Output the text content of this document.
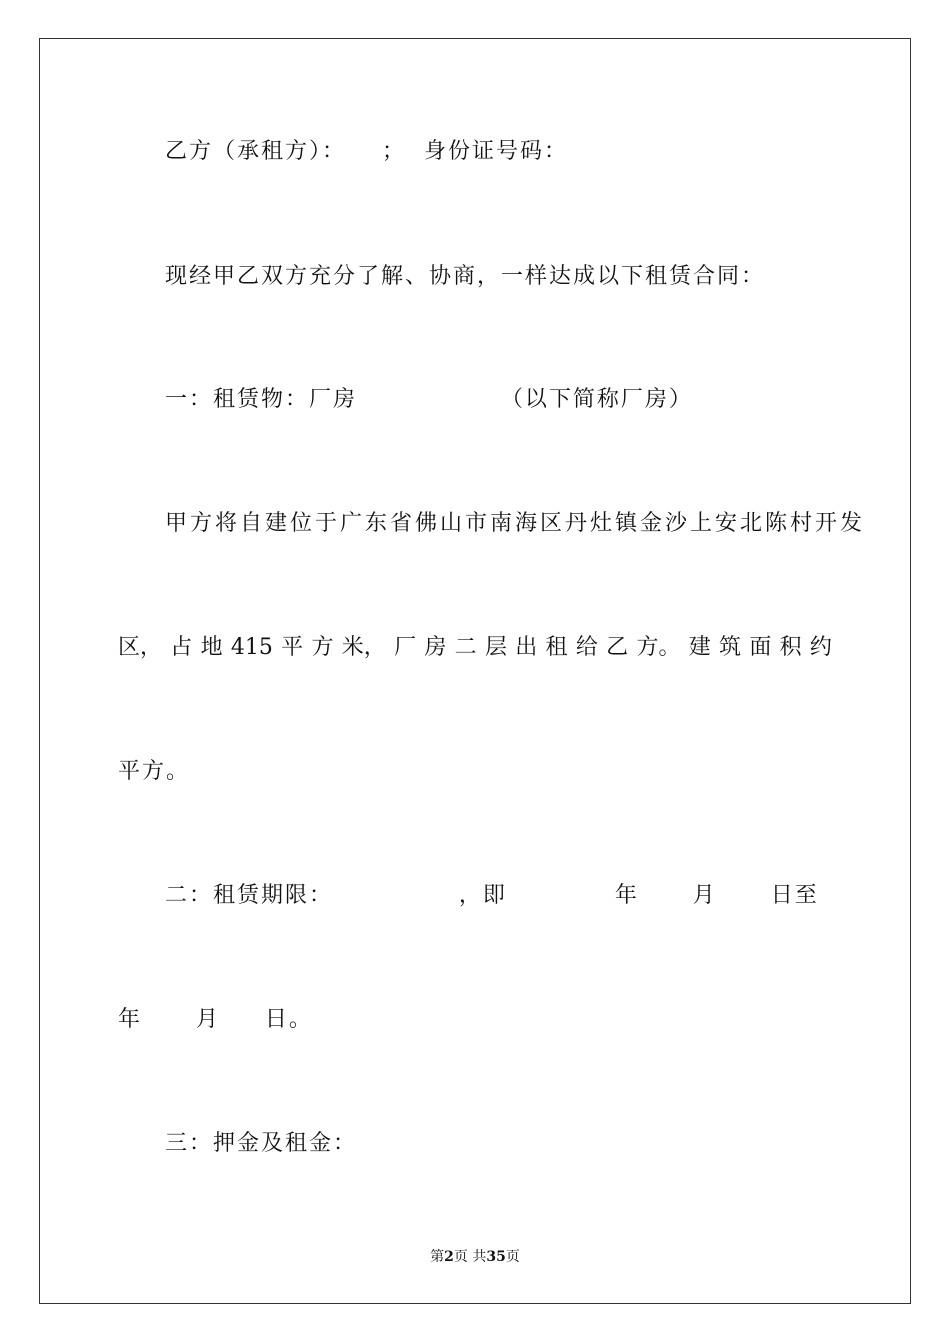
乙方（承租方）：    ；  身份证号码：
现经甲乙双方充分了解、协商，一样达成以下租赁合同：
一：租赁物：厂房                （以下简称厂房）
甲方将自建位于广东省佛山市南海区丹灶镇金沙上安北陈村开发
区， 占 地 415 平 方 米， 厂 房 二 层 出 租 给 乙 方。 建 筑 面 积 约
平方。
二：租赁期限：              ，即            年      月      日至
年      月     日。
三：押金及租金：
第2页 共35页
